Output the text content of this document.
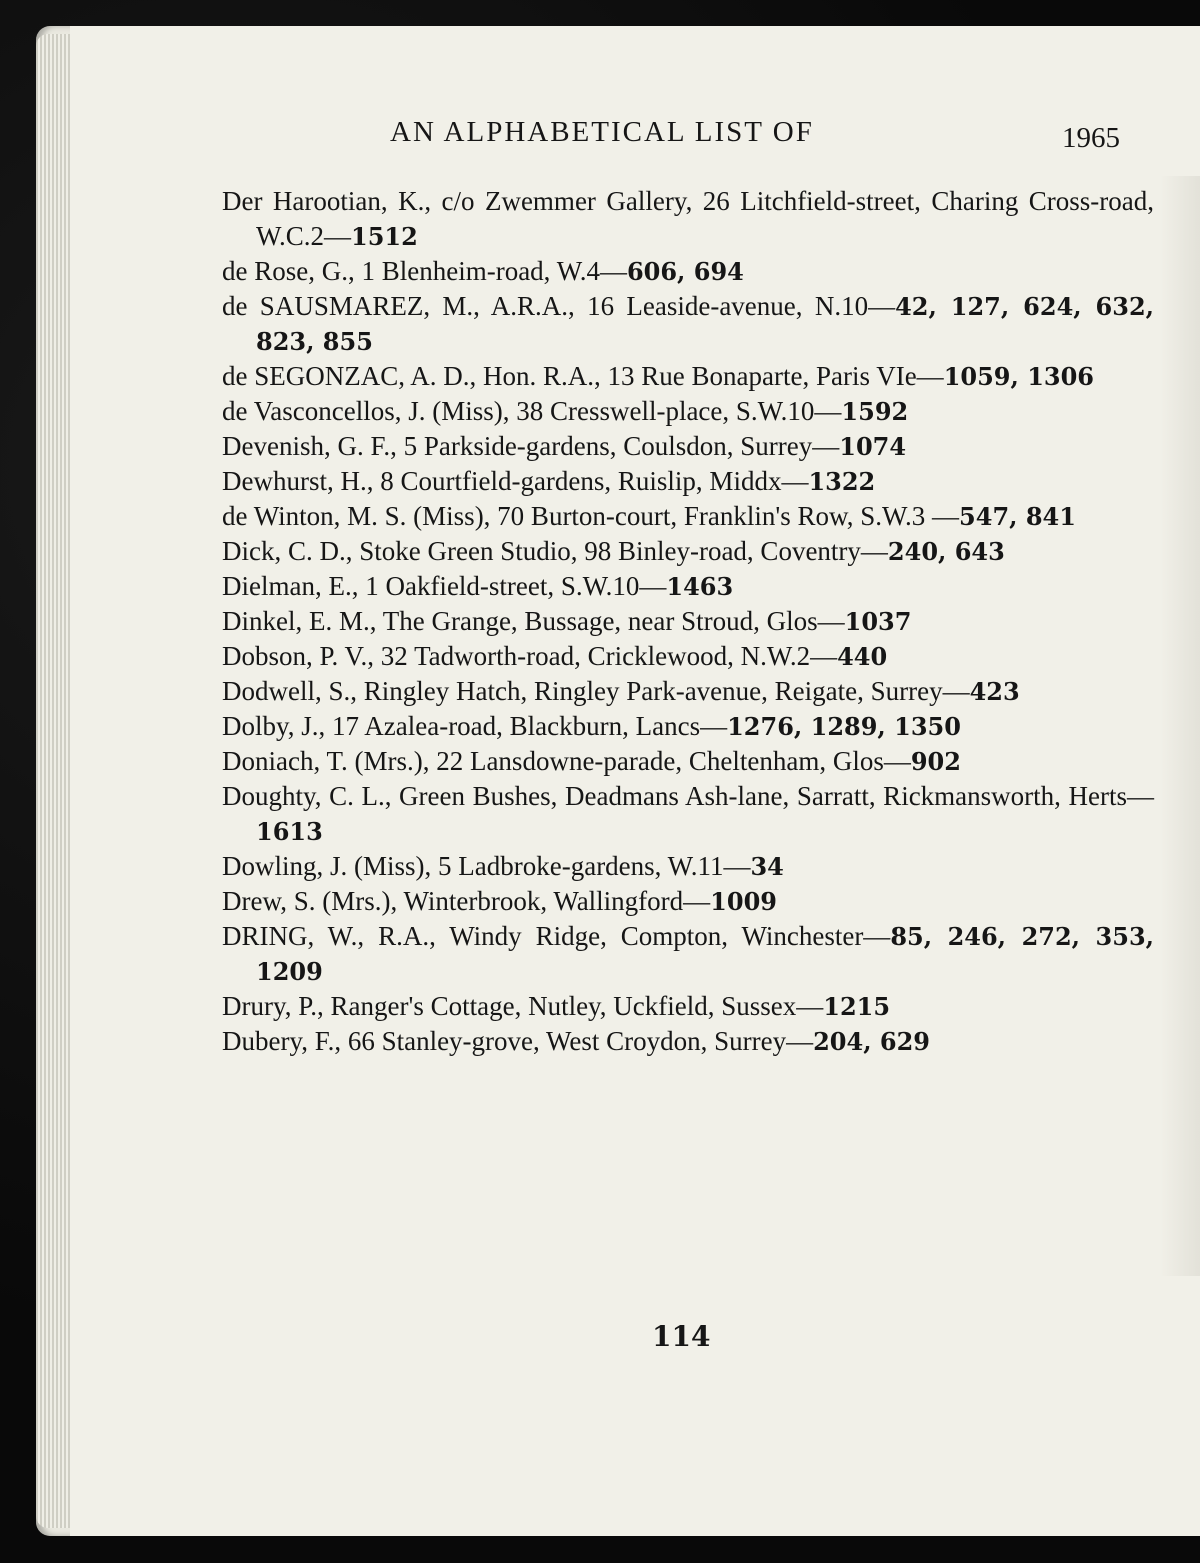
AN ALPHABETICAL LIST OF	1965

Der Harootian, K., c/o Zwemmer Gallery, 26 Litchfield-street, Charing Cross-road, W.C.2—1512

de Rose, G., 1 Blenheim-road, W.4—606, 694

de SAUSMAREZ, M., A.R.A., 16 Leaside-avenue, N.10—42, 127, 624, 632, 823, 855

de SEGONZAC, A. D., Hon. R.A., 13 Rue Bonaparte, Paris VIe—1059, 1306

de Vasconcellos, J. (Miss), 38 Cresswell-place, S.W.10—1592

Devenish, G. F., 5 Parkside-gardens, Coulsdon, Surrey—1074

Dewhurst, H., 8 Courtfield-gardens, Ruislip, Middx—1322

de Winton, M. S. (Miss), 70 Burton-court, Franklin's Row, S.W.3 —547, 841

Dick, C. D., Stoke Green Studio, 98 Binley-road, Coventry—240, 643

Dielman, E., 1 Oakfield-street, S.W.10—1463

Dinkel, E. M., The Grange, Bussage, near Stroud, Glos—1037

Dobson, P. V., 32 Tadworth-road, Cricklewood, N.W.2—440

Dodwell, S., Ringley Hatch, Ringley Park-avenue, Reigate, Surrey—423

Dolby, J., 17 Azalea-road, Blackburn, Lancs—1276, 1289, 1350

Doniach, T. (Mrs.), 22 Lansdowne-parade, Cheltenham, Glos—902

Doughty, C. L., Green Bushes, Deadmans Ash-lane, Sarratt, Rickmansworth, Herts—1613

Dowling, J. (Miss), 5 Ladbroke-gardens, W.11—34

Drew, S. (Mrs.), Winterbrook, Wallingford—1009

DRING, W., R.A., Windy Ridge, Compton, Winchester—85, 246, 272, 353, 1209

Drury, P., Ranger's Cottage, Nutley, Uckfield, Sussex—1215

Dubery, F., 66 Stanley-grove, West Croydon, Surrey—204, 629

114
